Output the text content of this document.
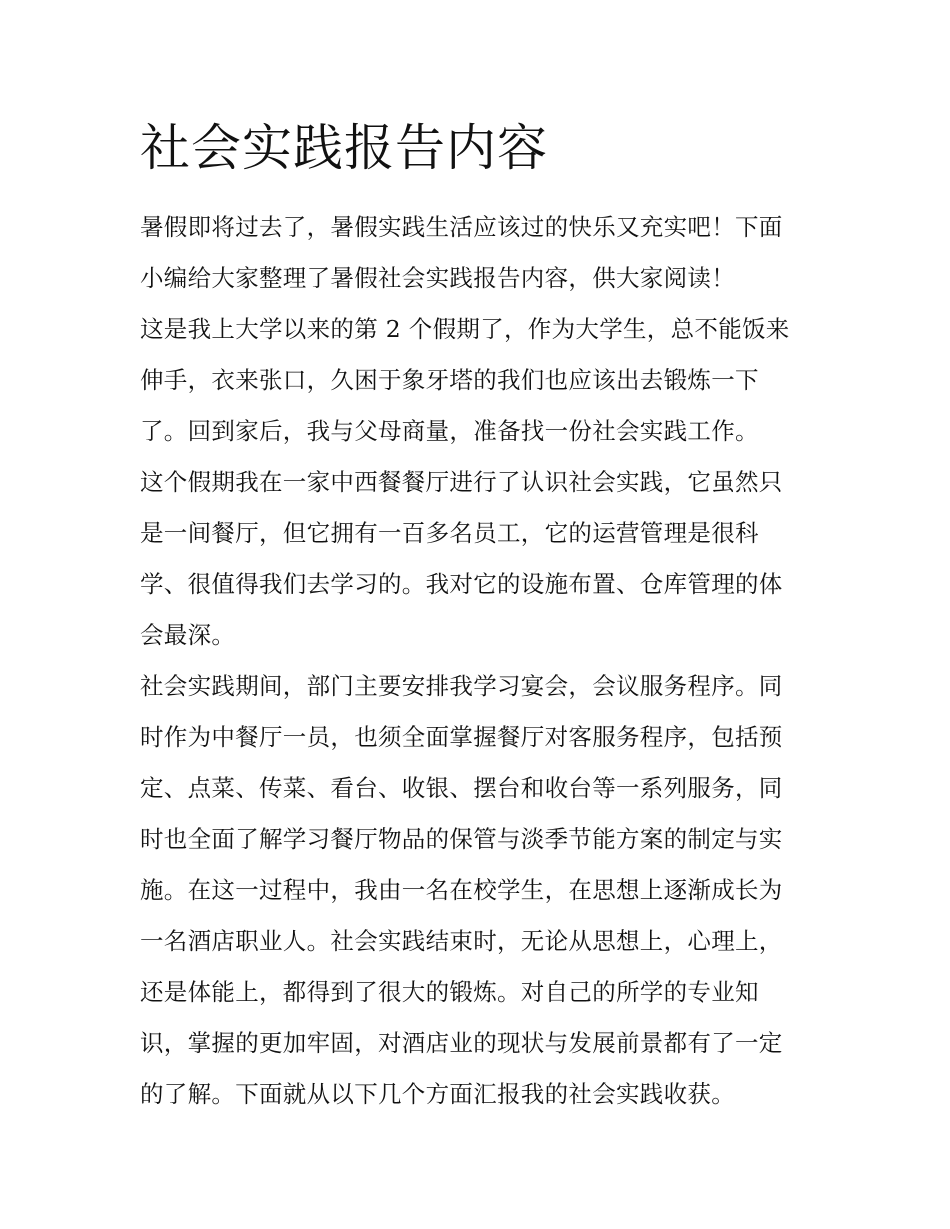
社会实践报告内容
暑假即将过去了，暑假实践生活应该过的快乐又充实吧！下面
小编给大家整理了暑假社会实践报告内容，供大家阅读！
这是我上大学以来的第 2 个假期了，作为大学生，总不能饭来
伸手，衣来张口，久困于象牙塔的我们也应该出去锻炼一下
了。回到家后，我与父母商量，准备找一份社会实践工作。
这个假期我在一家中西餐餐厅进行了认识社会实践，它虽然只
是一间餐厅，但它拥有一百多名员工，它的运营管理是很科
学、很值得我们去学习的。我对它的设施布置、仓库管理的体
会最深。
社会实践期间，部门主要安排我学习宴会，会议服务程序。同
时作为中餐厅一员，也须全面掌握餐厅对客服务程序，包括预
定、点菜、传菜、看台、收银、摆台和收台等一系列服务，同
时也全面了解学习餐厅物品的保管与淡季节能方案的制定与实
施。在这一过程中，我由一名在校学生，在思想上逐渐成长为
一名酒店职业人。社会实践结束时，无论从思想上，心理上，
还是体能上，都得到了很大的锻炼。对自己的所学的专业知
识，掌握的更加牢固，对酒店业的现状与发展前景都有了一定
的了解。下面就从以下几个方面汇报我的社会实践收获。
